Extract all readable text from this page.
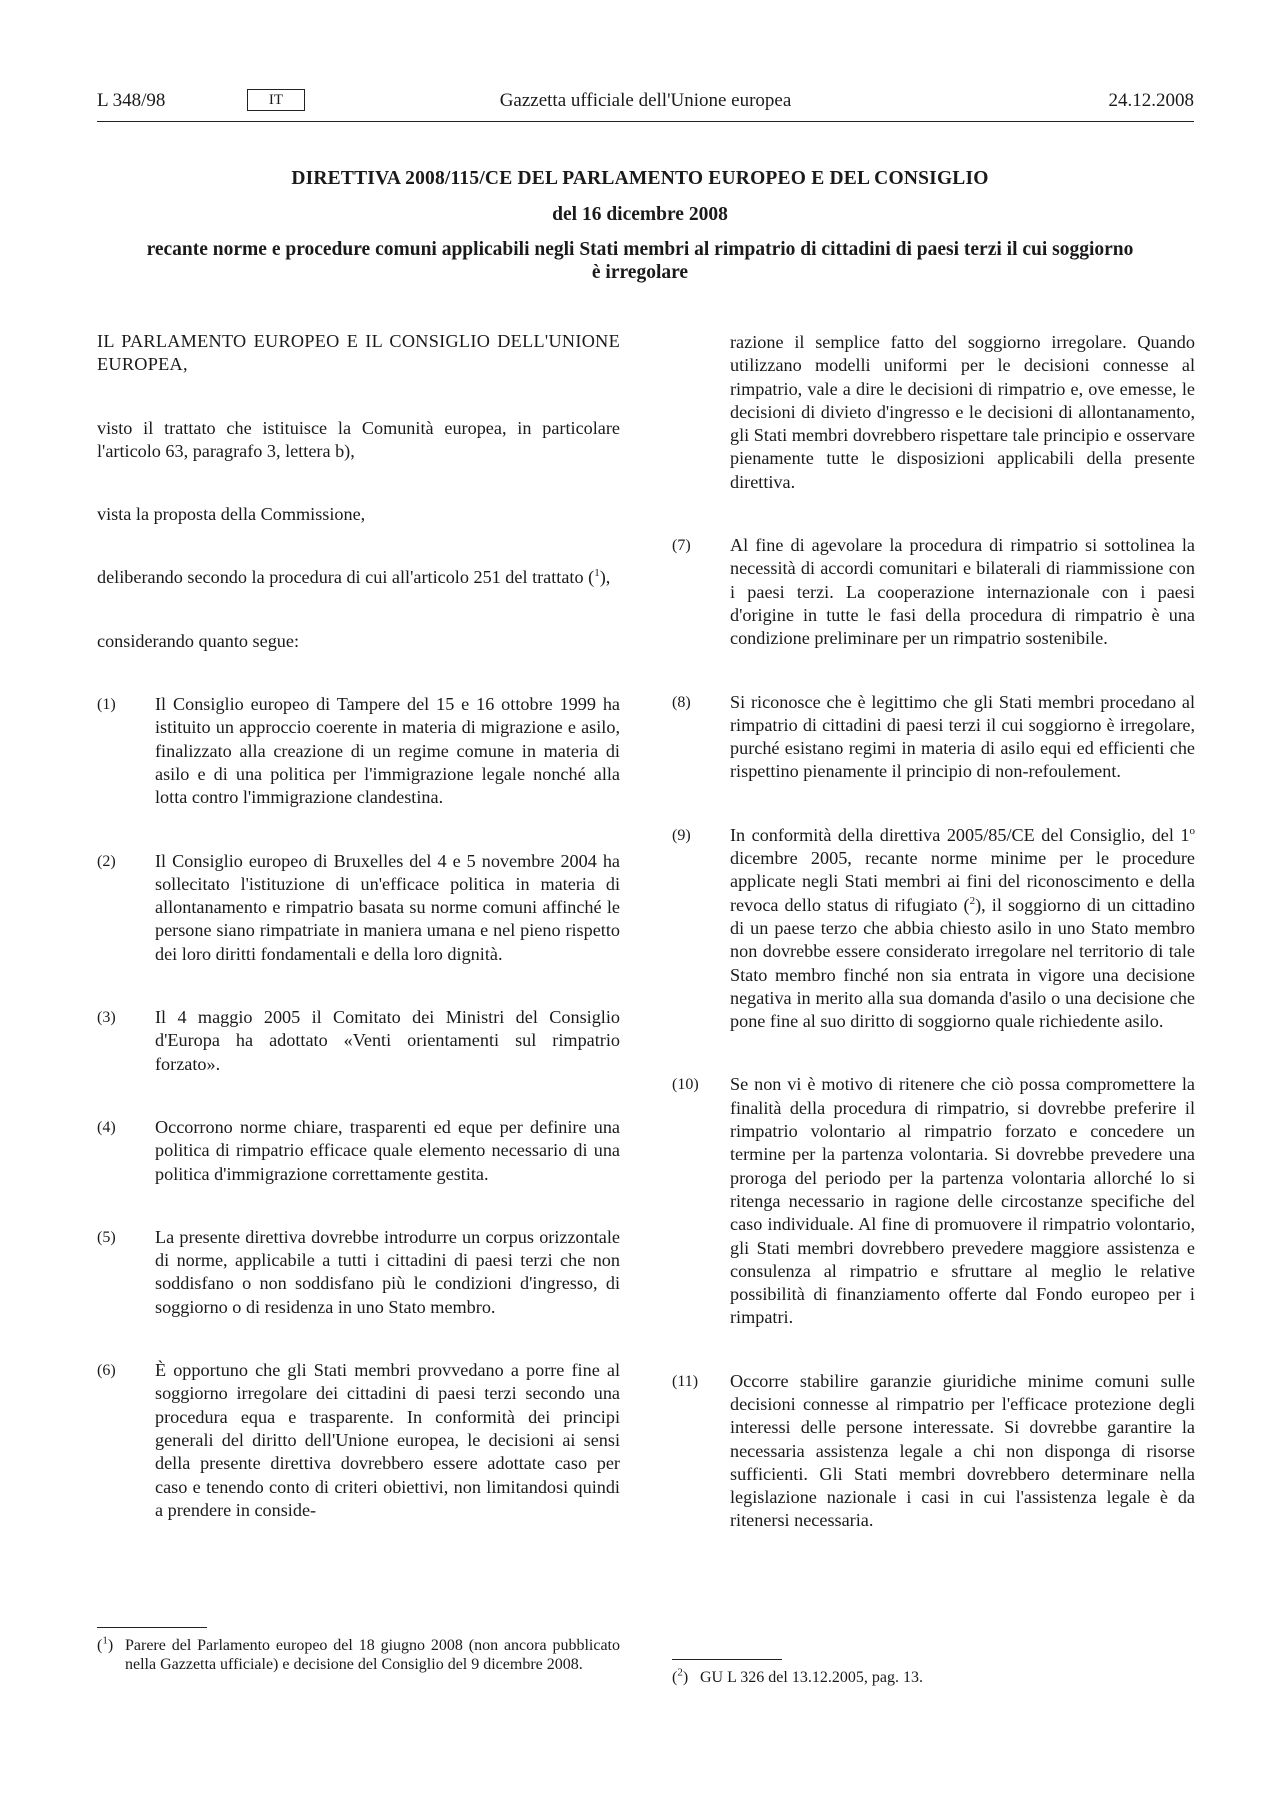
L 348/98	IT	Gazzetta ufficiale dell'Unione europea	24.12.2008
DIRETTIVA 2008/115/CE DEL PARLAMENTO EUROPEO E DEL CONSIGLIO
del 16 dicembre 2008
recante norme e procedure comuni applicabili negli Stati membri al rimpatrio di cittadini di paesi terzi il cui soggiorno è irregolare

IL PARLAMENTO EUROPEO E IL CONSIGLIO DELL'UNIONE EUROPEA,

visto il trattato che istituisce la Comunità europea, in particolare l'articolo 63, paragrafo 3, lettera b),

vista la proposta della Commissione,

deliberando secondo la procedura di cui all'articolo 251 del trattato ($^1$),

considerando quanto segue:

(1)	Il Consiglio europeo di Tampere del 15 e 16 ottobre 1999 ha istituito un approccio coerente in materia di migrazione e asilo, finalizzato alla creazione di un regime comune in materia di asilo e di una politica per l'immigrazione legale nonché alla lotta contro l'immigrazione clandestina.
(2)	Il Consiglio europeo di Bruxelles del 4 e 5 novembre 2004 ha sollecitato l'istituzione di un'efficace politica in materia di allontanamento e rimpatrio basata su norme comuni affinché le persone siano rimpatriate in maniera umana e nel pieno rispetto dei loro diritti fondamentali e della loro dignità.
(3)	Il 4 maggio 2005 il Comitato dei Ministri del Consiglio d'Europa ha adottato «Venti orientamenti sul rimpatrio forzato».
(4)	Occorrono norme chiare, trasparenti ed eque per definire una politica di rimpatrio efficace quale elemento necessario di una politica d'immigrazione correttamente gestita.
(5)	La presente direttiva dovrebbe introdurre un corpus orizzontale di norme, applicabile a tutti i cittadini di paesi terzi che non soddisfano o non soddisfano più le condizioni d'ingresso, di soggiorno o di residenza in uno Stato membro.
(6)	È opportuno che gli Stati membri provvedano a porre fine al soggiorno irregolare dei cittadini di paesi terzi secondo una procedura equa e trasparente. In conformità dei principi generali del diritto dell'Unione europea, le decisioni ai sensi della presente direttiva dovrebbero essere adottate caso per caso e tenendo conto di criteri obiettivi, non limitandosi quindi a prendere in conside-
($^1$) Parere del Parlamento europeo del 18 giugno 2008 (non ancora pubblicato nella Gazzetta ufficiale) e decisione del Consiglio del 9 dicembre 2008.

razione il semplice fatto del soggiorno irregolare. Quando utilizzano modelli uniformi per le decisioni connesse al rimpatrio, vale a dire le decisioni di rimpatrio e, ove emesse, le decisioni di divieto d'ingresso e le decisioni di allontanamento, gli Stati membri dovrebbero rispettare tale principio e osservare pienamente tutte le disposizioni applicabili della presente direttiva.

(7)	Al fine di agevolare la procedura di rimpatrio si sottolinea la necessità di accordi comunitari e bilaterali di riammissione con i paesi terzi. La cooperazione internazionale con i paesi d'origine in tutte le fasi della procedura di rimpatrio è una condizione preliminare per un rimpatrio sostenibile.
(8)	Si riconosce che è legittimo che gli Stati membri procedano al rimpatrio di cittadini di paesi terzi il cui soggiorno è irregolare, purché esistano regimi in materia di asilo equi ed efficienti che rispettino pienamente il principio di non-refoulement.
(9)	In conformità della direttiva 2005/85/CE del Consiglio, del 1$^o$ dicembre 2005, recante norme minime per le procedure applicate negli Stati membri ai fini del riconoscimento e della revoca dello status di rifugiato ($^2$), il soggiorno di un cittadino di un paese terzo che abbia chiesto asilo in uno Stato membro non dovrebbe essere considerato irregolare nel territorio di tale Stato membro finché non sia entrata in vigore una decisione negativa in merito alla sua domanda d'asilo o una decisione che pone fine al suo diritto di soggiorno quale richiedente asilo.
(10)	Se non vi è motivo di ritenere che ciò possa compromettere la finalità della procedura di rimpatrio, si dovrebbe preferire il rimpatrio volontario al rimpatrio forzato e concedere un termine per la partenza volontaria. Si dovrebbe prevedere una proroga del periodo per la partenza volontaria allorché lo si ritenga necessario in ragione delle circostanze specifiche del caso individuale. Al fine di promuovere il rimpatrio volontario, gli Stati membri dovrebbero prevedere maggiore assistenza e consulenza al rimpatrio e sfruttare al meglio le relative possibilità di finanziamento offerte dal Fondo europeo per i rimpatri.
(11)	Occorre stabilire garanzie giuridiche minime comuni sulle decisioni connesse al rimpatrio per l'efficace protezione degli interessi delle persone interessate. Si dovrebbe garantire la necessaria assistenza legale a chi non disponga di risorse sufficienti. Gli Stati membri dovrebbero determinare nella legislazione nazionale i casi in cui l'assistenza legale è da ritenersi necessaria.
($^2$) GU L 326 del 13.12.2005, pag. 13.
